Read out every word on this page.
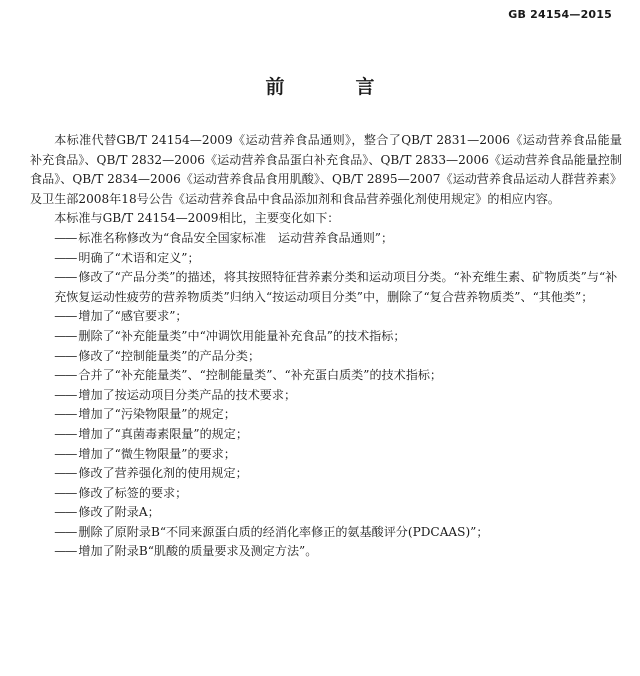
GB 24154—2015
前　言

本标准代替GB/T 24154—2009《运动营养食品通则》，整合了QB/T 2831—2006《运动营养食品能量补充食品》、QB/T 2832—2006《运动营养食品蛋白补充食品》、QB/T 2833—2006《运动营养食品能量控制食品》、QB/T 2834—2006《运动营养食品食用肌酸》、QB/T 2895—2007《运动营养食品运动人群营养素》及卫生部2008年18号公告《运动营养食品中食品添加剂和食品营养强化剂使用规定》的相应内容。

本标准与GB/T 24154—2009相比，主要变化如下：

—— 标准名称修改为“食品安全国家标准　运动营养食品通则”；
—— 明确了“术语和定义”；
—— 修改了“产品分类”的描述，将其按照特征营养素分类和运动项目分类。“补充维生素、矿物质类”与“补充恢复运动性疲劳的营养物质类”归纳入“按运动项目分类”中，删除了“复合营养物质类”、“其他类”；
—— 增加了“感官要求”；
—— 删除了“补充能量类”中“冲调饮用能量补充食品”的技术指标；
—— 修改了“控制能量类”的产品分类；
—— 合并了“补充能量类”、“控制能量类”、“补充蛋白质类”的技术指标；
—— 增加了按运动项目分类产品的技术要求；
—— 增加了“污染物限量”的规定；
—— 增加了“真菌毒素限量”的规定；
—— 增加了“微生物限量”的要求；
—— 修改了营养强化剂的使用规定；
—— 修改了标签的要求；
—— 修改了附录A；
—— 删除了原附录B“不同来源蛋白质的经消化率修正的氨基酸评分(PDCAAS)”；
—— 增加了附录B“肌酸的质量要求及测定方法”。
